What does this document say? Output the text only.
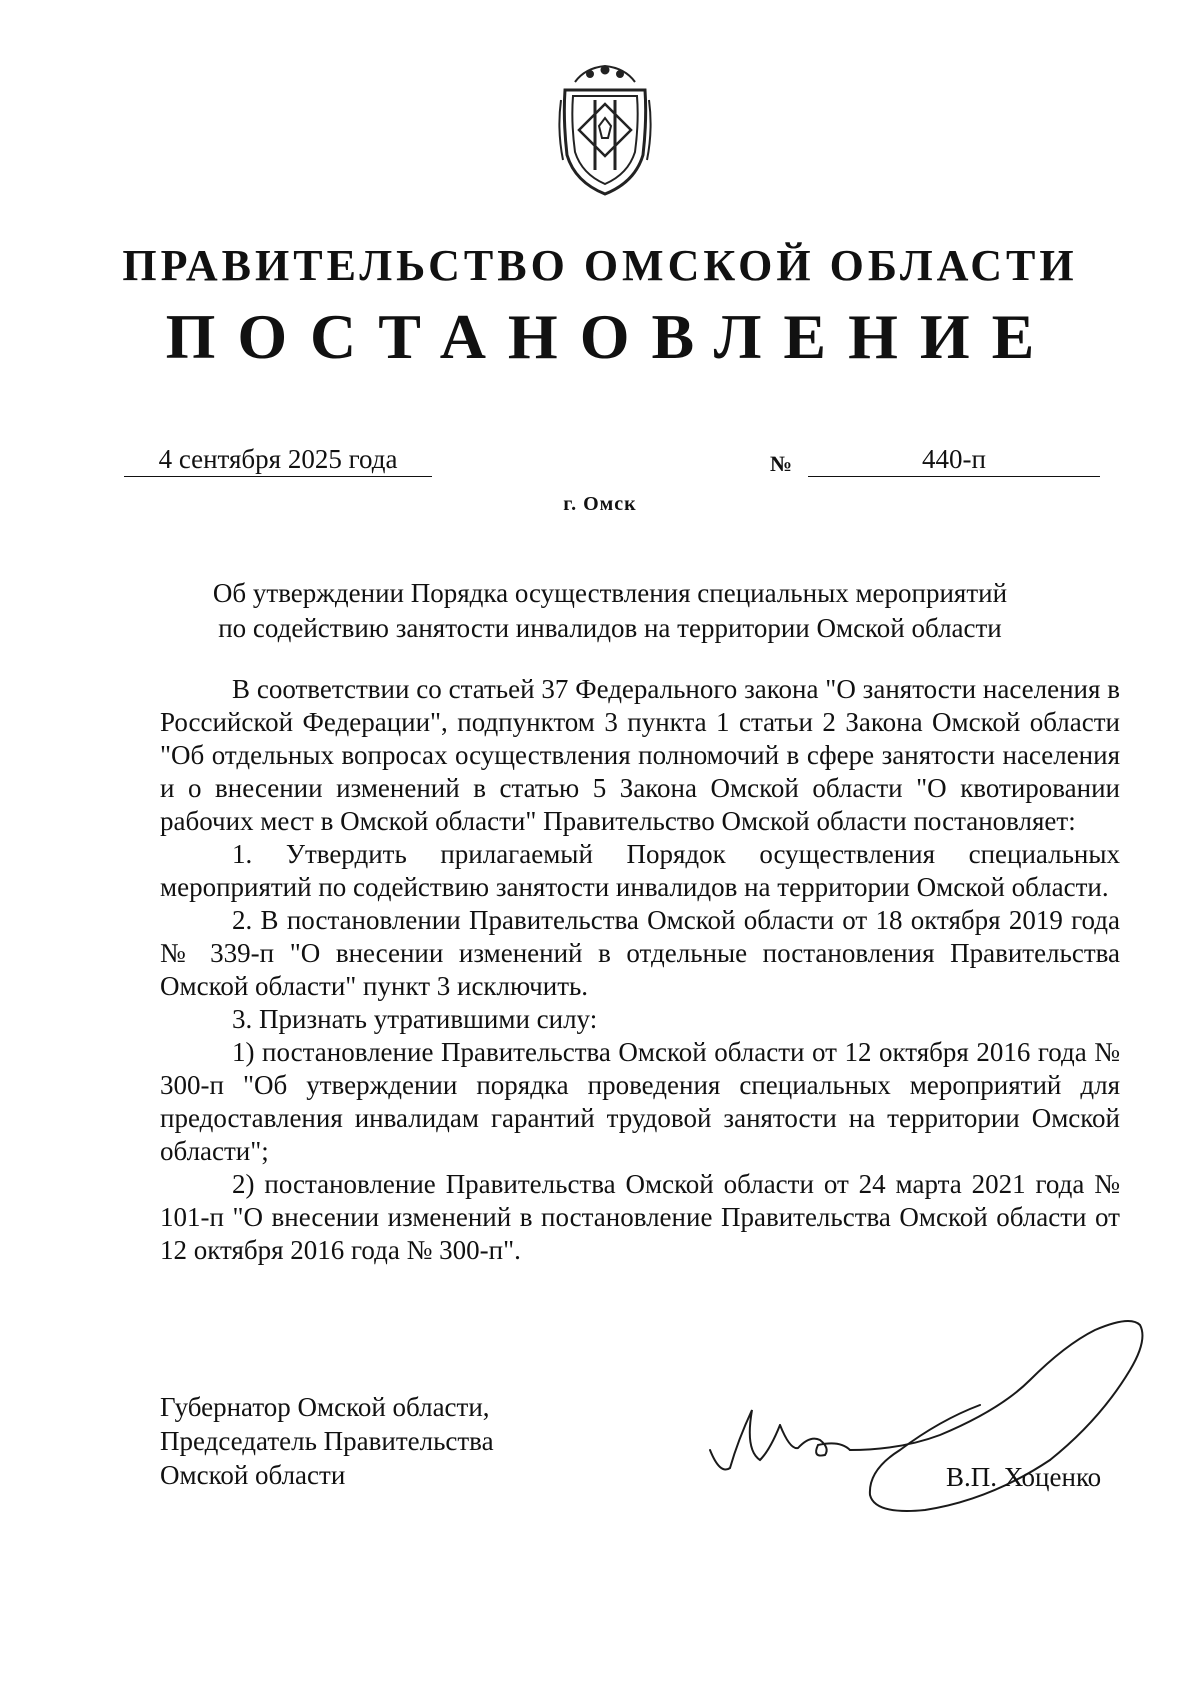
ПРАВИТЕЛЬСТВО ОМСКОЙ ОБЛАСТИ
ПОСТАНОВЛЕНИЕ
4 сентября 2025 года	№	440-п
г. Омск
Об утверждении Порядка осуществления специальных мероприятий
по содействию занятости инвалидов на территории Омской области

В соответствии со статьей 37 Федерального закона "О занятости населения в Российской Федерации", подпунктом 3 пункта 1 статьи 2 Закона Омской области "Об отдельных вопросах осуществления полномочий в сфере занятости населения и о внесении изменений в статью 5 Закона Омской области "О квотировании рабочих мест в Омской области" Правительство Омской области постановляет:

1. Утвердить прилагаемый Порядок осуществления специальных мероприятий по содействию занятости инвалидов на территории Омской области.

2. В постановлении Правительства Омской области от 18 октября 2019 года № 339-п "О внесении изменений в отдельные постановления Правительства Омской области" пункт 3 исключить.

3. Признать утратившими силу:

1) постановление Правительства Омской области от 12 октября 2016 года № 300-п "Об утверждении порядка проведения специальных мероприятий для предоставления инвалидам гарантий трудовой занятости на территории Омской области";

2) постановление Правительства Омской области от 24 марта 2021 года № 101-п "О внесении изменений в постановление Правительства Омской области от 12 октября 2016 года № 300-п".

Губернатор Омской области,
Председатель Правительства
Омской области	В.П. Хоценко
